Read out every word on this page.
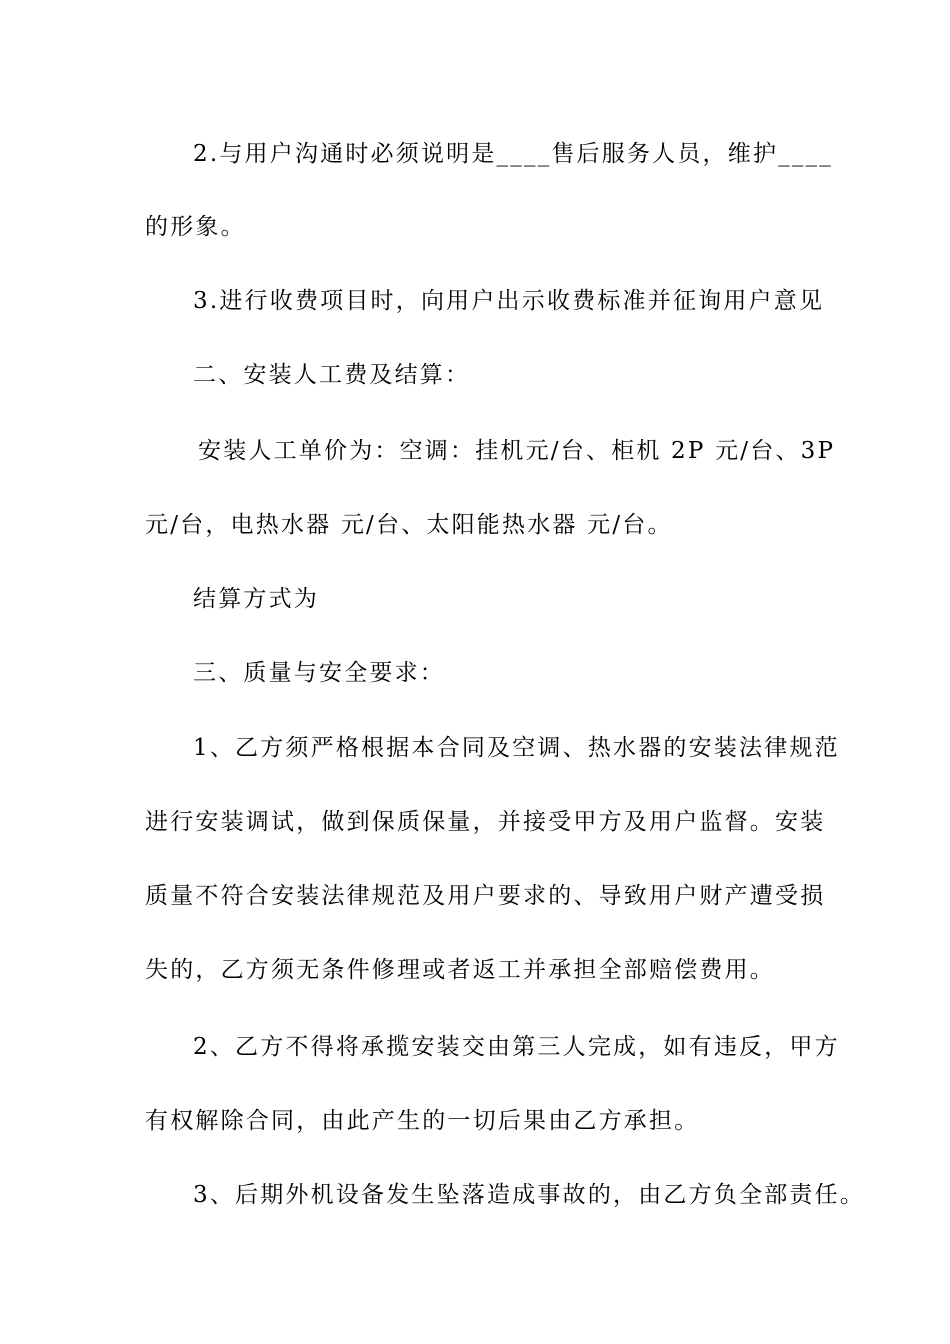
2.与用户沟通时必须说明是____售后服务人员，维护____
的形象。
3.进行收费项目时，向用户出示收费标准并征询用户意见
二、安装人工费及结算：
安装人工单价为：空调：挂机元/台、柜机 2P 元/台、3P
元/台，电热水器 元/台、太阳能热水器 元/台。
结算方式为
三、质量与安全要求：
1、乙方须严格根据本合同及空调、热水器的安装法律规范
进行安装调试，做到保质保量，并接受甲方及用户监督。安装
质量不符合安装法律规范及用户要求的、导致用户财产遭受损
失的，乙方须无条件修理或者返工并承担全部赔偿费用。
2、乙方不得将承揽安装交由第三人完成，如有违反，甲方
有权解除合同，由此产生的一切后果由乙方承担。
3、后期外机设备发生坠落造成事故的，由乙方负全部责任。
